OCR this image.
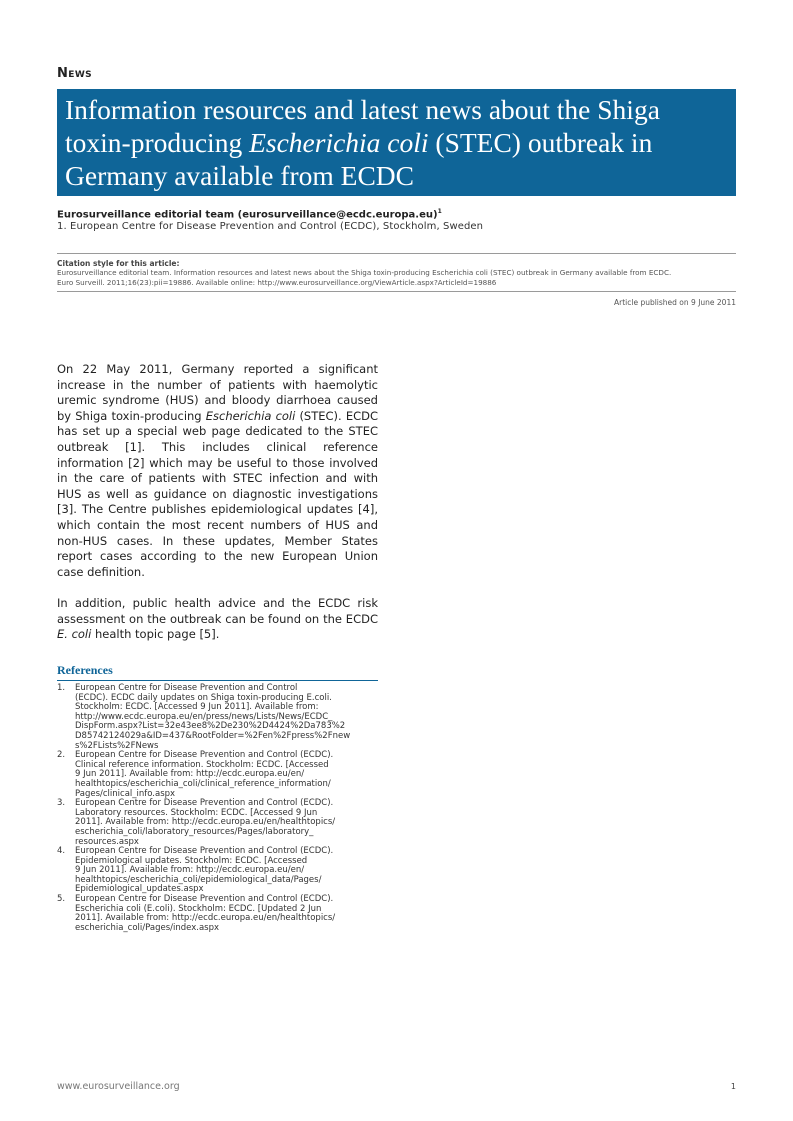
News
Information resources and latest news about the Shiga toxin-producing Escherichia coli (STEC) outbreak in Germany available from ECDC
Eurosurveillance editorial team (eurosurveillance@ecdc.europa.eu)$^1$
1. European Centre for Disease Prevention and Control (ECDC), Stockholm, Sweden
Citation style for this article:
Eurosurveillance editorial team. Information resources and latest news about the Shiga toxin-producing Escherichia coli (STEC) outbreak in Germany available from ECDC.
Euro Surveill. 2011;16(23):pii=19886. Available online: http://www.eurosurveillance.org/ViewArticle.aspx?ArticleId=19886
Article published on 9 June 2011

On 22 May 2011, Germany reported a significant increase in the number of patients with haemolytic uremic syndrome (HUS) and bloody diarrhoea caused by Shiga toxin-producing Escherichia coli (STEC). ECDC has set up a special web page dedicated to the STEC outbreak [1]. This includes clinical reference information [2] which may be useful to those involved in the care of patients with STEC infection and with HUS as well as guidance on diagnostic investigations [3]. The Centre publishes epidemiological updates [4], which contain the most recent numbers of HUS and non-HUS cases. In these updates, Member States report cases according to the new European Union case definition.

In addition, public health advice and the ECDC risk assessment on the outbreak can be found on the ECDC E. coli health topic page [5].

References
1. European Centre for Disease Prevention and Control
(ECDC). ECDC daily updates on Shiga toxin-producing E.coli.
Stockholm: ECDC. [Accessed 9 Jun 2011]. Available from:
http://www.ecdc.europa.eu/en/press/news/Lists/News/ECDC_
DispForm.aspx?List=32e43ee8%2De230%2D4424%2Da783%2
D85742124029a&ID=437&RootFolder=%2Fen%2Fpress%2Fnew
s%2FLists%2FNews
2. European Centre for Disease Prevention and Control (ECDC).
Clinical reference information. Stockholm: ECDC. [Accessed
9 Jun 2011]. Available from: http://ecdc.europa.eu/en/
healthtopics/escherichia_coli/clinical_reference_information/
Pages/clinical_info.aspx
3. European Centre for Disease Prevention and Control (ECDC).
Laboratory resources. Stockholm: ECDC. [Accessed 9 Jun
2011]. Available from: http://ecdc.europa.eu/en/healthtopics/
escherichia_coli/laboratory_resources/Pages/laboratory_
resources.aspx
4. European Centre for Disease Prevention and Control (ECDC).
Epidemiological updates. Stockholm: ECDC. [Accessed
9 Jun 2011]. Available from: http://ecdc.europa.eu/en/
healthtopics/escherichia_coli/epidemiological_data/Pages/
Epidemiological_updates.aspx
5. European Centre for Disease Prevention and Control (ECDC).
Escherichia coli (E.coli). Stockholm: ECDC. [Updated 2 Jun
2011]. Available from: http://ecdc.europa.eu/en/healthtopics/
escherichia_coli/Pages/index.aspx
www.eurosurveillance.org	1
